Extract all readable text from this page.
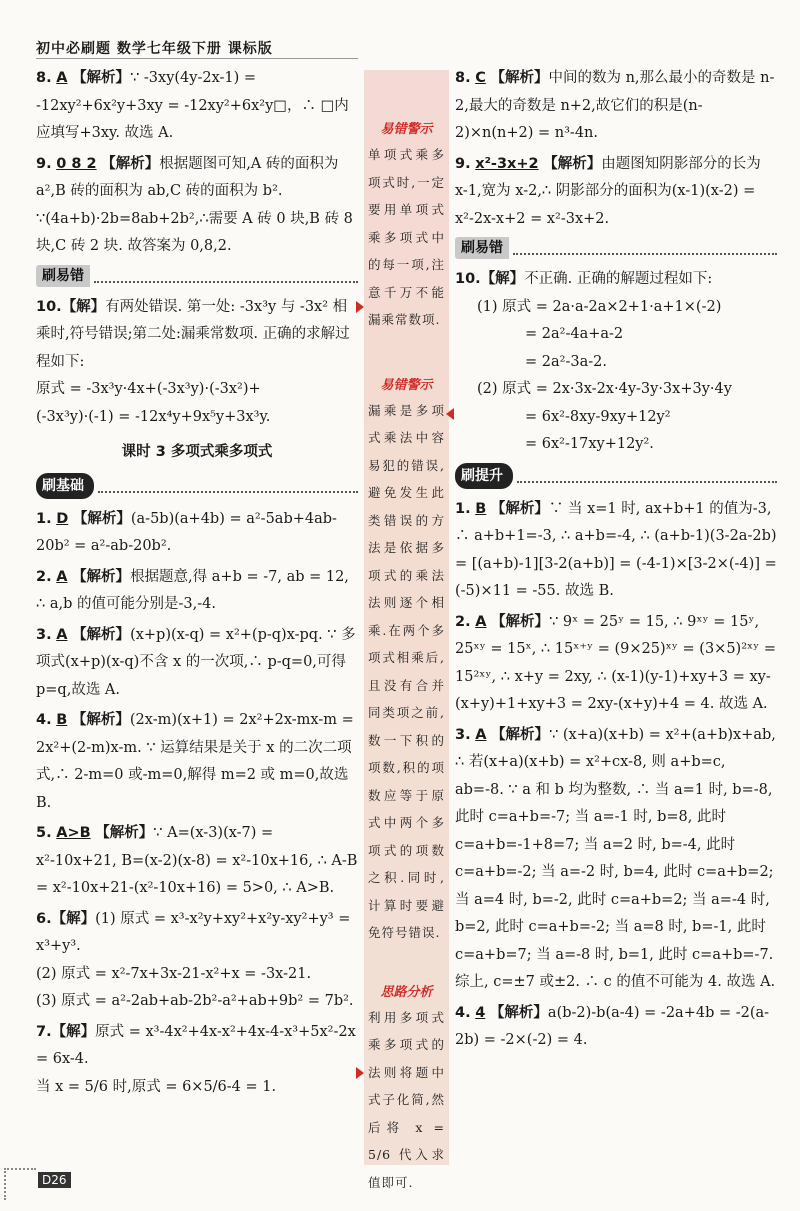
初中必刷题 数学七年级下册 课标版
8. A 【解析】∵ -3xy(4y-2x-1) = -12xy²+6x²y+3xy = -12xy²+6x²y□，∴ □内应填写+3xy. 故选 A.
9. 0 8 2 【解析】根据题图可知,A 砖的面积为 a²,B 砖的面积为 ab,C 砖的面积为 b². ∵(4a+b)·2b=8ab+2b²,∴需要 A 砖 0 块,B 砖 8 块,C 砖 2 块. 故答案为 0,8,2.
刷易错
10.【解】有两处错误. 第一处: -3x³y 与 -3x² 相乘时,符号错误;第二处:漏乘常数项. 正确的求解过程如下:
原式 = -3x³y·4x+(-3x³y)·(-3x²)+
(-3x³y)·(-1) = -12x⁴y+9x⁵y+3x³y.
课时 3 多项式乘多项式
刷基础
1. D 【解析】(a-5b)(a+4b) = a²-5ab+4ab-20b² = a²-ab-20b².
2. A 【解析】根据题意,得 a+b = -7, ab = 12, ∴ a,b 的值可能分别是-3,-4.
3. A 【解析】(x+p)(x-q) = x²+(p-q)x-pq. ∵ 多项式(x+p)(x-q)不含 x 的一次项,∴ p-q=0,可得 p=q,故选 A.
4. B 【解析】(2x-m)(x+1) = 2x²+2x-mx-m = 2x²+(2-m)x-m. ∵ 运算结果是关于 x 的二次二项式,∴ 2-m=0 或-m=0,解得 m=2 或 m=0,故选 B.
5. A>B 【解析】∵ A=(x-3)(x-7) = x²-10x+21, B=(x-2)(x-8) = x²-10x+16, ∴ A-B = x²-10x+21-(x²-10x+16) = 5>0, ∴ A>B.
6.【解】(1) 原式 = x³-x²y+xy²+x²y-xy²+y³ = x³+y³.
(2) 原式 = x²-7x+3x-21-x²+x = -3x-21.
(3) 原式 = a²-2ab+ab-2b²-a²+ab+9b² = 7b².
7.【解】原式 = x³-4x²+4x-x²+4x-4-x³+5x²-2x = 6x-4.
当 x = 5/6 时,原式 = 6×5/6-4 = 1.
易错警示
单项式乘多项式时,一定要用单项式乘多项式中的每一项,注意千万不能漏乘常数项.
易错警示
漏乘是多项式乘法中容易犯的错误,避免发生此类错误的方法是依据多项式的乘法法则逐个相乘.在两个多项式相乘后,且没有合并同类项之前,数一下积的项数,积的项数应等于原式中两个多项式的项数之积.同时,计算时要避免符号错误.
思路分析
利用多项式乘多项式的法则将题中式子化简,然后将 x = 5/6 代入求值即可.
8. C 【解析】中间的数为 n,那么最小的奇数是 n-2,最大的奇数是 n+2,故它们的积是(n-2)×n(n+2) = n³-4n.
9. x²-3x+2 【解析】由题图知阴影部分的长为 x-1,宽为 x-2,∴ 阴影部分的面积为(x-1)(x-2) = x²-2x-x+2 = x²-3x+2.
刷易错
10.【解】不正确. 正确的解题过程如下:
(1) 原式 = 2a·a-2a×2+1·a+1×(-2)
= 2a²-4a+a-2
= 2a²-3a-2.
(2) 原式 = 2x·3x-2x·4y-3y·3x+3y·4y
= 6x²-8xy-9xy+12y²
= 6x²-17xy+12y².
刷提升
1. B 【解析】∵ 当 x=1 时, ax+b+1 的值为-3, ∴ a+b+1=-3, ∴ a+b=-4, ∴ (a+b-1)(3-2a-2b) = [(a+b)-1][3-2(a+b)] = (-4-1)×[3-2×(-4)] = (-5)×11 = -55. 故选 B.
2. A 【解析】∵ 9ˣ = 25ʸ = 15, ∴ 9ˣʸ = 15ʸ, 25ˣʸ = 15ˣ, ∴ 15ˣ⁺ʸ = (9×25)ˣʸ = (3×5)²ˣʸ = 15²ˣʸ, ∴ x+y = 2xy, ∴ (x-1)(y-1)+xy+3 = xy-(x+y)+1+xy+3 = 2xy-(x+y)+4 = 4. 故选 A.
3. A 【解析】∵ (x+a)(x+b) = x²+(a+b)x+ab, ∴ 若(x+a)(x+b) = x²+cx-8, 则 a+b=c, ab=-8. ∵ a 和 b 均为整数, ∴ 当 a=1 时, b=-8, 此时 c=a+b=-7; 当 a=-1 时, b=8, 此时 c=a+b=-1+8=7; 当 a=2 时, b=-4, 此时 c=a+b=-2; 当 a=-2 时, b=4, 此时 c=a+b=2; 当 a=4 时, b=-2, 此时 c=a+b=2; 当 a=-4 时, b=2, 此时 c=a+b=-2; 当 a=8 时, b=-1, 此时 c=a+b=7; 当 a=-8 时, b=1, 此时 c=a+b=-7. 综上, c=±7 或±2. ∴ c 的值不可能为 4. 故选 A.
4. 4 【解析】a(b-2)-b(a-4) = -2a+4b = -2(a-2b) = -2×(-2) = 4.
D26
